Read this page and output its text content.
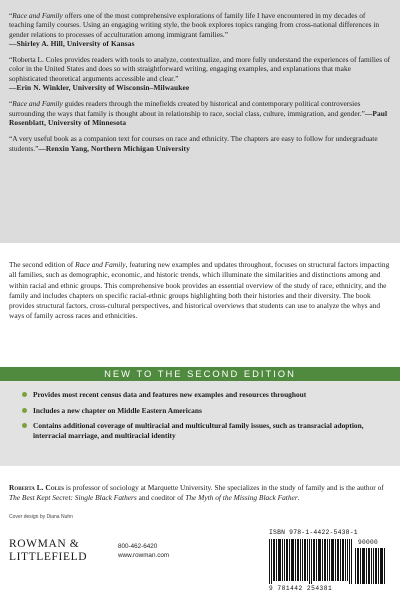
“Race and Family offers one of the most comprehensive explorations of family life I have encountered in my decades of teaching family courses. Using an engaging writing style, the book explores topics ranging from cross-national differences in gender relations to processes of acculturation among immigrant families.”
—Shirley A. Hill, University of Kansas

“Roberta L. Coles provides readers with tools to analyze, contextualize, and more fully understand the experiences of families of color in the United States and does so with straightforward writing, engaging examples, and explanations that make sophisticated theoretical arguments accessible and clear.”
—Erin N. Winkler, University of Wisconsin–Milwaukee

“Race and Family guides readers through the minefields created by historical and contemporary political controversies surrounding the ways that family is thought about in relationship to race, social class, culture, immigration, and gender.”—Paul Rosenblatt, University of Minnesota

“A very useful book as a companion text for courses on race and ethnicity. The chapters are easy to follow for undergraduate students.”—Renxin Yang, Northern Michigan University

The second edition of Race and Family, featuring new examples and updates throughout, focuses on structural factors impacting all families, such as demographic, economic, and historic trends, which illuminate the similarities and distinctions among and within racial and ethnic groups. This comprehensive book provides an essential overview of the study of race, ethnicity, and the family and includes chapters on specific racial-ethnic groups highlighting both their histories and their diversity. The book provides structural factors, cross-cultural perspectives, and historical overviews that students can use to analyze the whys and ways of family across races and ethnicities.

NEW TO THE SECOND EDITION
Provides most recent census data and features new examples and resources throughout
Includes a new chapter on Middle Eastern Americans
Contains additional coverage of multiracial and multicultural family issues, such as transracial adoption, interracial marriage, and multiracial identity

Roberta L. Coles is professor of sociology at Marquette University. She specializes in the study of family and is the author of The Best Kept Secret: Single Black Fathers and coeditor of The Myth of the Missing Black Father.

Cover design by Diana Nuhn
ROWMAN &
LITTLEFIELD
800-462-6420
www.rowman.com
ISBN 978-1-4422-5438-1
90000
9 781442 254381
